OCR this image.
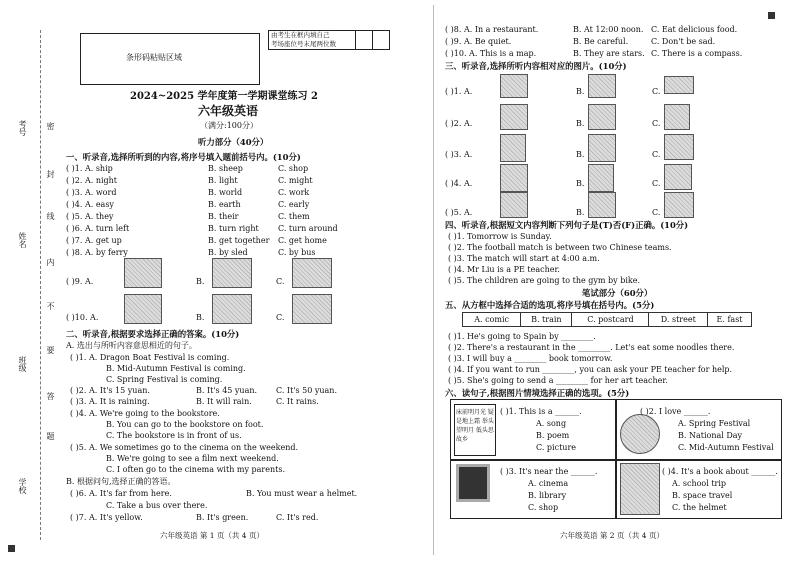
考号
姓名
班级
学校
密
封
线
内
不
要
答
题
条形码粘贴区域
由考生在框内填自己
考场座位号末尾两位数
2024~2025 学年度第一学期课堂练习 2
六年级英语
（满分:100分）
听力部分（40分）
一、听录音,选择所听到的内容,将序号填入题前括号内。(10分)
( )1. A. ship	B. sheep	C. shop
( )2. A. night	B. light	C. might
( )3. A. word	B. world	C. work
( )4. A. easy	B. earth	C. early
( )5. A. they	B. their	C. them
( )6. A. turn left	B. turn right C. turn around
( )7. A. get up	B. get together C. get home
( )8. A. by ferry	B. by sled	C. by bus
( )9. A.	B.	C.
( )10. A.	B.	C.
二、听录音,根据要求选择正确的答案。(10分)
A. 选出与所听内容意思相近的句子。
( )1. A. Dragon Boat Festival is coming.
B. Mid-Autumn Festival is coming.
C. Spring Festival is coming.
( )2. A. It's 15 yuan.	B. It's 45 yuan. C. It's 50 yuan.
( )3. A. It is raining.	B. It will rain.	C. It rains.
( )4. A. We're going to the bookstore.
B. You can go to the bookstore on foot.
C. The bookstore is in front of us.
( )5. A. We sometimes go to the cinema on the weekend.
B. We're going to see a film next weekend.
C. I often go to the cinema with my parents.
B. 根据问句,选择正确的答语。
( )6. A. It's far from here.	B. You must wear a helmet.
C. Take a bus over there.
( )7. A. It's yellow.	B. It's green.	C. It's red.
六年级英语 第 1 页（共 4 页）
( )8. A. In a restaurant.	B. At 12:00 noon. C. Eat delicious food.
( )9. A. Be quiet.	B. Be careful.	C. Don't be sad.
( )10. A. This is a map.	B. They are stars. C. There is a compass.
三、听录音,选择所听内容相对应的图片。(10分)
( )1. A.	B.	C.
( )2. A.	B.	C.
( )3. A.	B.	C.
( )4. A.	B.	C.
( )5. A.	B.	C.
四、听录音,根据短文内容判断下列句子是(T)否(F)正确。(10分)
( )1. Tomorrow is Sunday.
( )2. The football match is between two Chinese teams.
( )3. The match will start at 4:00 a.m.
( )4. Mr Liu is a PE teacher.
( )5. The children are going to the gym by bike.
笔试部分（60分）
五、从方框中选择合适的选项,将序号填在括号内。(5分)
A. comic	B. train	C. postcard	D. street	E. fast
( )1. He's going to Spain by ________.
( )2. There's a restaurant in the ________. Let's eat some noodles there.
( )3. I will buy a ________ book tomorrow.
( )4. If you want to run ________, you can ask your PE teacher for help.
( )5. She's going to send a ________ for her art teacher.
六、读句子,根据图片情境选择正确的选项。(5分)
床前明月光 疑是地上霜 举头望明月 低头思故乡
( )1. This is a ______.
A. song
B. poem
C. picture
( )2. I love ______.
A. Spring Festival
B. National Day
C. Mid-Autumn Festival
( )3. It's near the ______.
A. cinema
B. library
C. shop
( )4. It's a book about ______.
A. school trip
B. space travel
C. the helmet
六年级英语 第 2 页（共 4 页）
